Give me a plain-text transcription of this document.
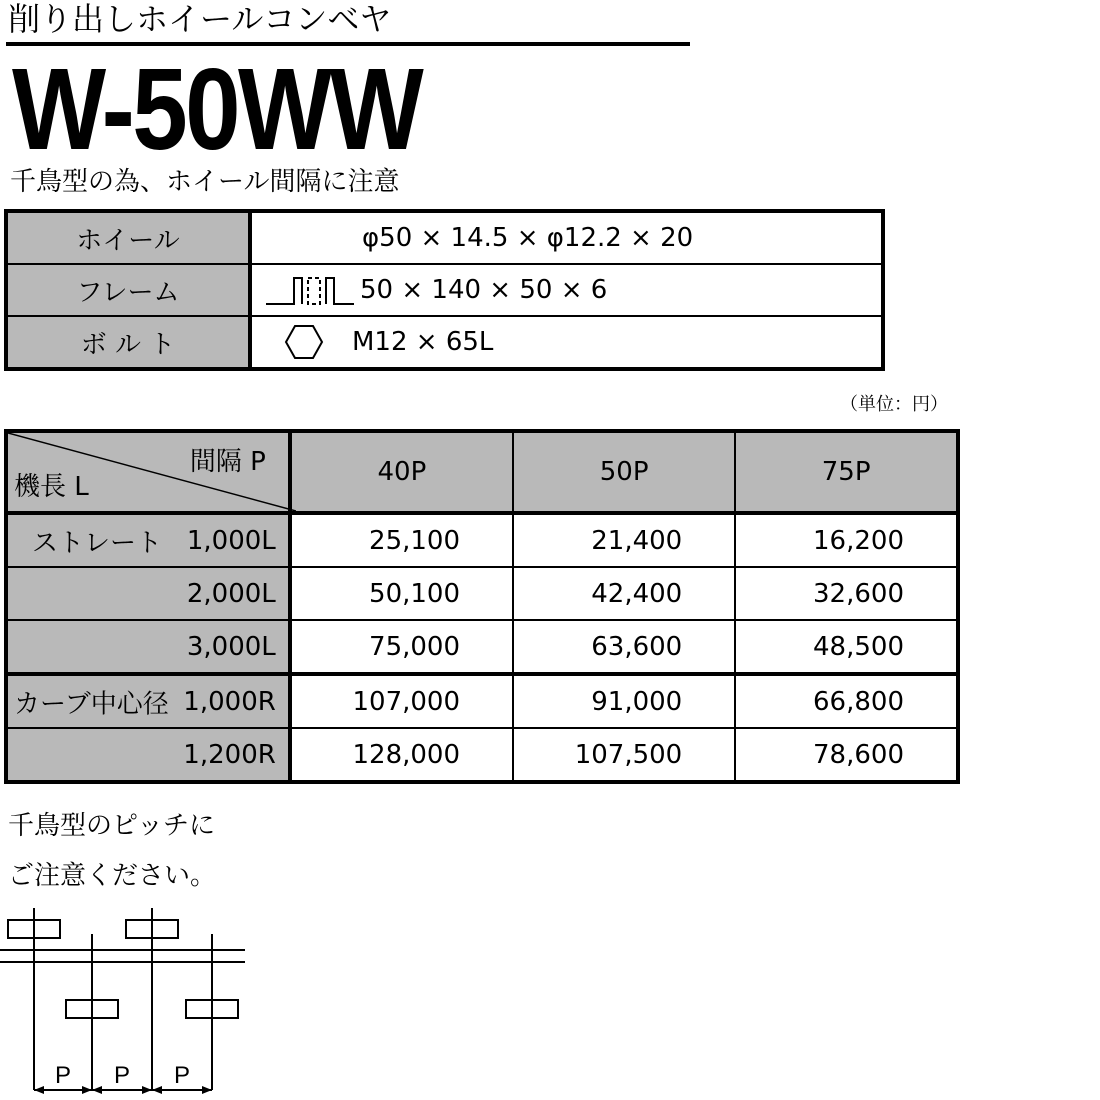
削り出しホイールコンベヤ
W-50WW
千鳥型の為、ホイール間隔に注意
ホイール	φ50 × 14.5 × φ12.2 × 20

フレーム	50 × 140 × 50 × 6

ボ ル ト	M12 × 65L
（単位：円）
間隔 P
機長 L	40P	50P	75P

ストレート 1,000L	25,100	21,400	16,200

2,000L	50,100	42,400	32,600

3,000L	75,000	63,600	48,500

カーブ中心径 1,000R	107,000	91,000	66,800

1,200R	128,000	107,500	78,600
千鳥型のピッチに
ご注意ください。
P P P
